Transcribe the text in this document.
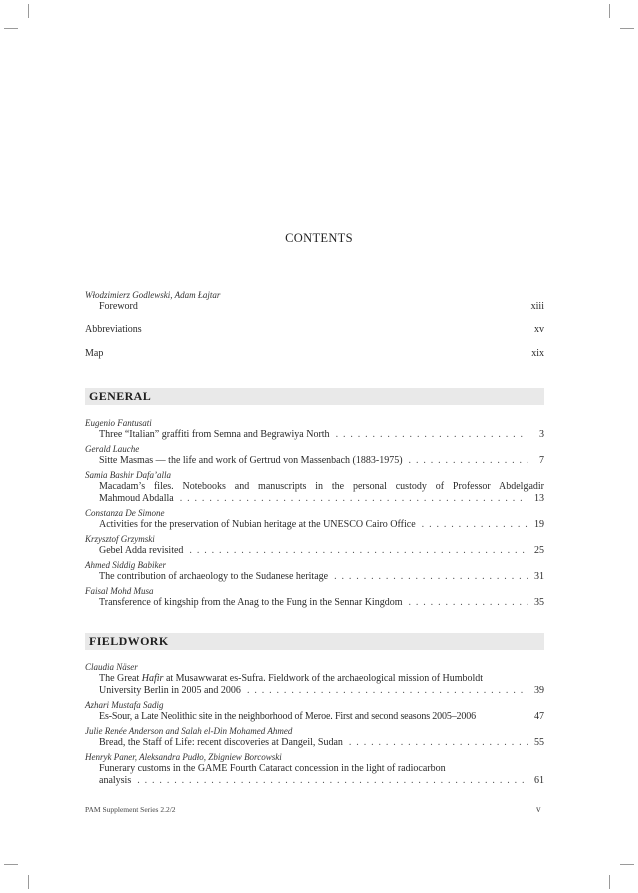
CONTENTS
Włodzimierz Godlewski, Adam Łajtar
Foreword	xiii
Abbreviations	xv
Map	xix
GENERAL
Eugenio Fantusati
Three “Italian” graffiti from Semna and Begrawiya North . . .	3
Gerald Lauche
Sitte Masmas — the life and work of Gertrud von Massenbach (1883-1975) . . .	7
Samia Bashir Dafa’alla
Macadam’s files. Notebooks and manuscripts in the personal custody of Professor Abdelgadir
Mahmoud Abdalla . . .	13
Constanza De Simone
Activities for the preservation of Nubian heritage at the UNESCO Cairo Office . . .	19
Krzysztof Grzymski
Gebel Adda revisited . . .	25
Ahmed Siddig Babiker
The contribution of archaeology to the Sudanese heritage . . .	31
Faisal Mohd Musa
Transference of kingship from the Anag to the Fung in the Sennar Kingdom . . .	35
FIELDWORK
Claudia Näser
The Great Hafir at Musawwarat es-Sufra. Fieldwork of the archaeological mission of Humboldt
University Berlin in 2005 and 2006 . . .	39
Azhari Mustafa Sadig
Es-Sour, a Late Neolithic site in the neighborhood of Meroe. First and second seasons 2005–2006	47
Julie Renée Anderson and Salah el-Din Mohamed Ahmed
Bread, the Staff of Life: recent discoveries at Dangeil, Sudan . . .	55
Henryk Paner, Aleksandra Pudło, Zbigniew Borcowski
Funerary customs in the GAME Fourth Cataract concession in the light of radiocarbon
analysis . . .	61
PAM Supplement Series 2.2/2	v
